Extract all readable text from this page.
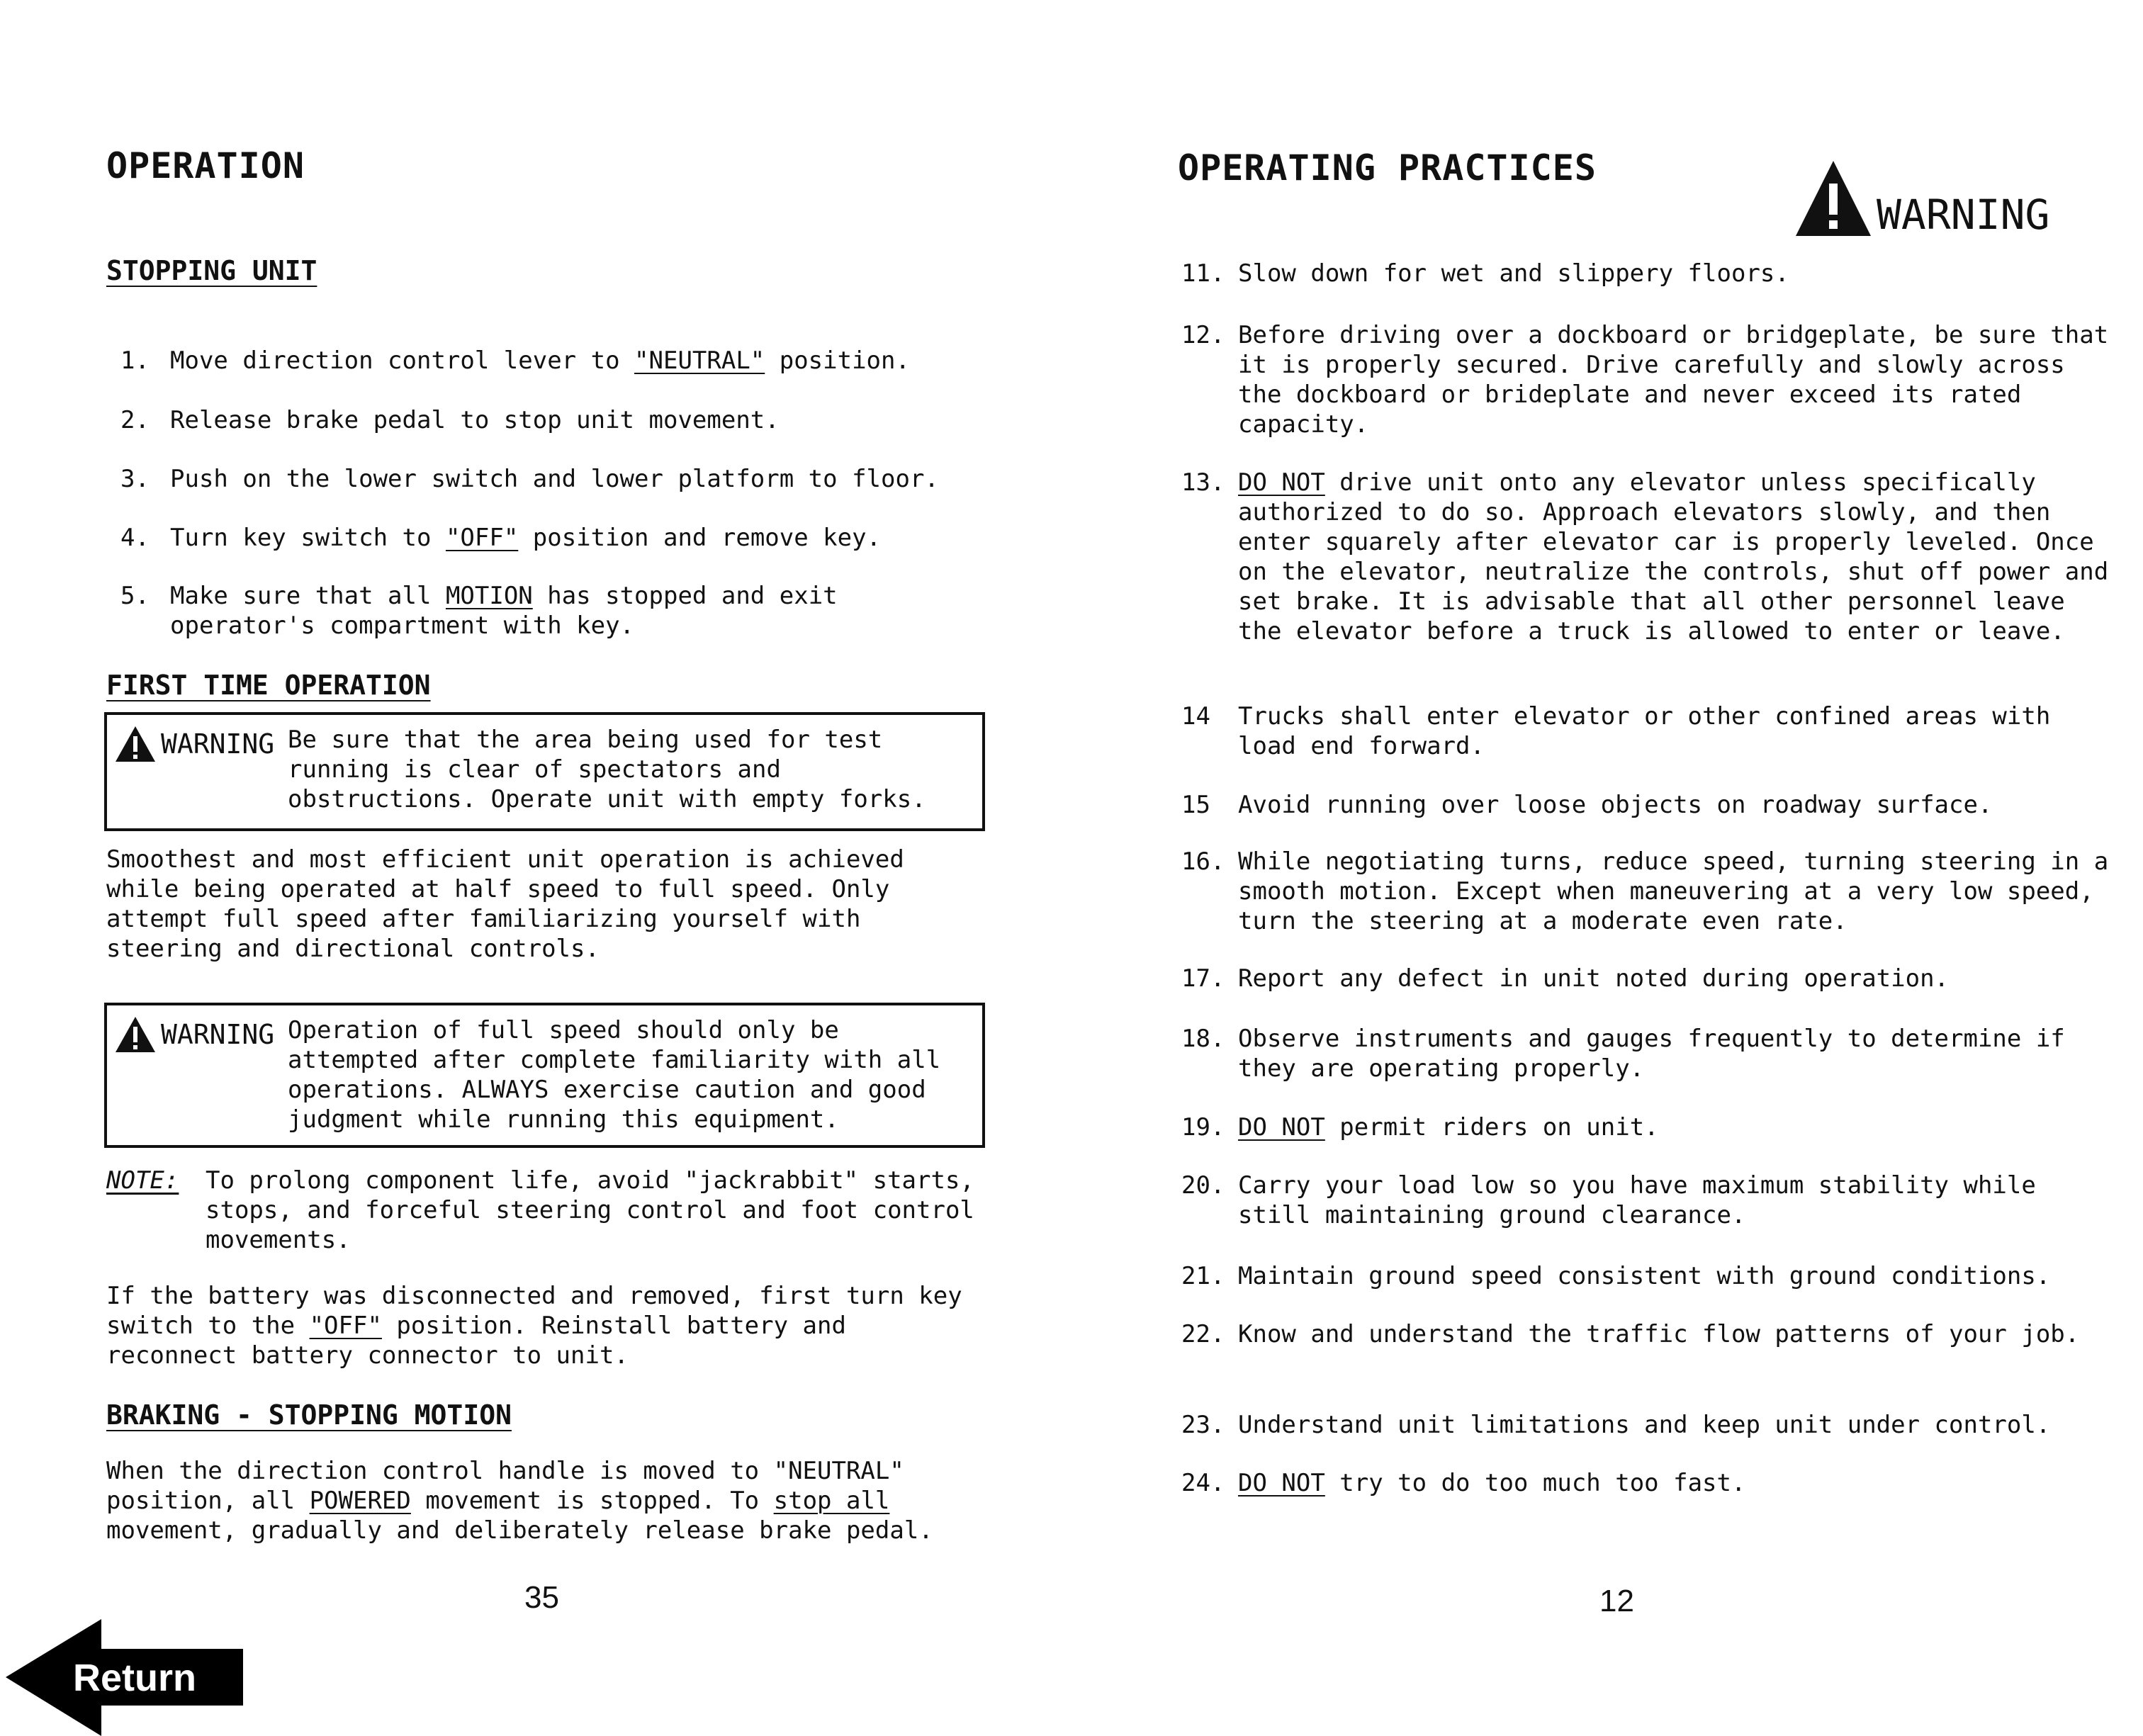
OPERATION
STOPPING UNIT
1. Move direction control lever to "NEUTRAL" position.
2. Release brake pedal to stop unit movement.
3. Push on the lower switch and lower platform to floor.
4. Turn key switch to "OFF" position and remove key.
5. Make sure that all MOTION has stopped and exit operator's compartment with key.
FIRST TIME OPERATION
WARNING Be sure that the area being used for test running is clear of spectators and obstructions. Operate unit with empty forks.
Smoothest and most efficient unit operation is achieved while being operated at half speed to full speed. Only attempt full speed after familiarizing yourself with steering and directional controls.
WARNING Operation of full speed should only be attempted after complete familiarity with all operations. ALWAYS exercise caution and good judgment while running this equipment.
NOTE:	To prolong component life, avoid "jackrabbit" starts, stops, and forceful steering control and foot control movements.
If the battery was disconnected and removed, first turn key switch to the "OFF" position. Reinstall battery and reconnect battery connector to unit.
BRAKING - STOPPING MOTION
When the direction control handle is moved to "NEUTRAL" position, all POWERED movement is stopped. To stop all movement, gradually and deliberately release brake pedal.
35
Return
OPERATING PRACTICES
WARNING
11. Slow down for wet and slippery floors.
12. Before driving over a dockboard or bridgeplate, be sure that it is properly secured. Drive carefully and slowly across the dockboard or brideplate and never exceed its rated capacity.
13. DO NOT drive unit onto any elevator unless specifically authorized to do so. Approach elevators slowly, and then enter squarely after elevator car is properly leveled. Once on the elevator, neutralize the controls, shut off power and set brake. It is advisable that all other personnel leave the elevator before a truck is allowed to enter or leave.
14	Trucks shall enter elevator or other confined areas with load end forward.
15	Avoid running over loose objects on roadway surface.
16. While negotiating turns, reduce speed, turning steering in a smooth motion. Except when maneuvering at a very low speed, turn the steering at a moderate even rate.
17. Report any defect in unit noted during operation.
18. Observe instruments and gauges frequently to determine if they are operating properly.
19. DO NOT permit riders on unit.
20. Carry your load low so you have maximum stability while still maintaining ground clearance.
21. Maintain ground speed consistent with ground conditions.
22. Know and understand the traffic flow patterns of your job.
23. Understand unit limitations and keep unit under control.
24. DO NOT try to do too much too fast.
12
